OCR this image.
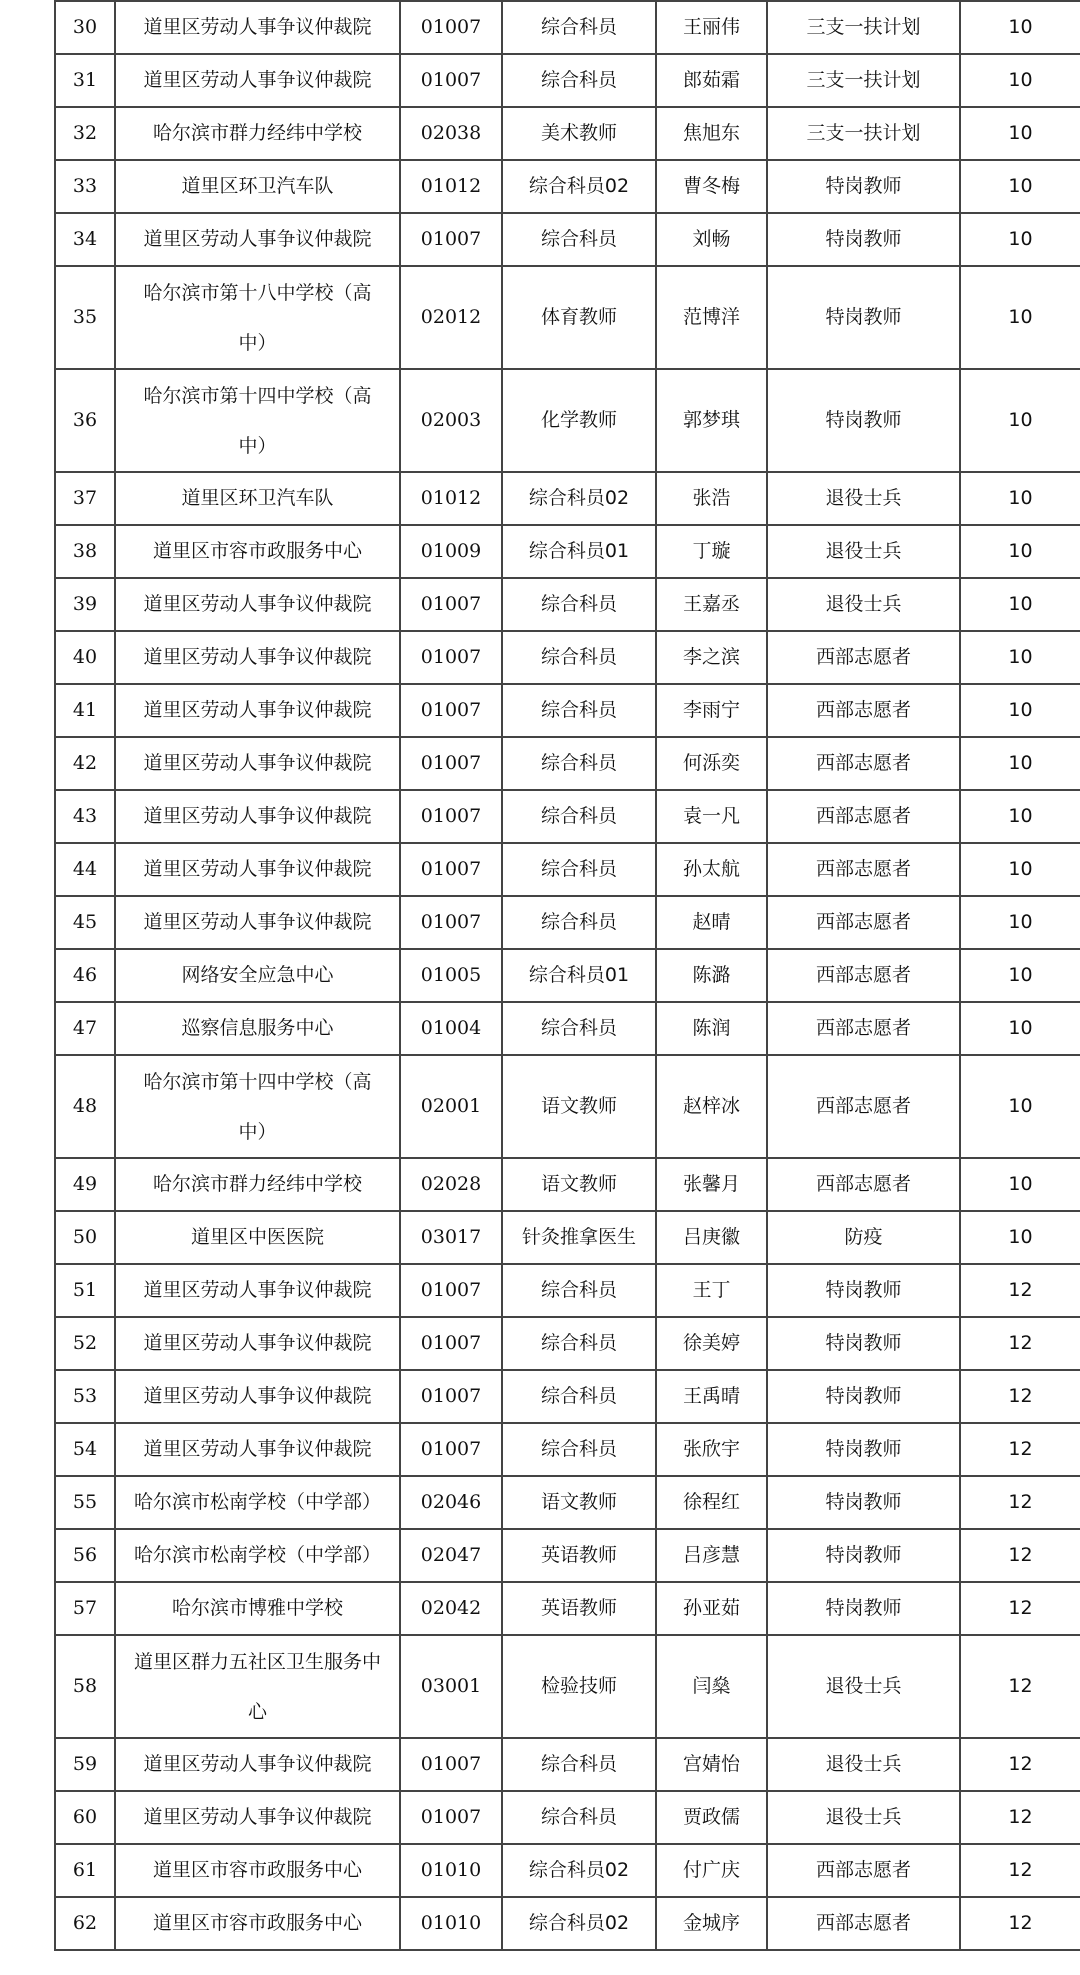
30	道里区劳动人事争议仲裁院	01007	综合科员	王丽伟	三支一扶计划	10
31	道里区劳动人事争议仲裁院	01007	综合科员	郎茹霜	三支一扶计划	10
32	哈尔滨市群力经纬中学校	02038	美术教师	焦旭东	三支一扶计划	10
33	道里区环卫汽车队	01012	综合科员02	曹冬梅	特岗教师	10
34	道里区劳动人事争议仲裁院	01007	综合科员	刘畅	特岗教师	10
35	哈尔滨市第十八中学校（高中）	02012	体育教师	范博洋	特岗教师	10
36	哈尔滨市第十四中学校（高中）	02003	化学教师	郭梦琪	特岗教师	10
37	道里区环卫汽车队	01012	综合科员02	张浩	退役士兵	10
38	道里区市容市政服务中心	01009	综合科员01	丁璇	退役士兵	10
39	道里区劳动人事争议仲裁院	01007	综合科员	王嘉丞	退役士兵	10
40	道里区劳动人事争议仲裁院	01007	综合科员	李之滨	西部志愿者	10
41	道里区劳动人事争议仲裁院	01007	综合科员	李雨宁	西部志愿者	10
42	道里区劳动人事争议仲裁院	01007	综合科员	何泺奕	西部志愿者	10
43	道里区劳动人事争议仲裁院	01007	综合科员	袁一凡	西部志愿者	10
44	道里区劳动人事争议仲裁院	01007	综合科员	孙太航	西部志愿者	10
45	道里区劳动人事争议仲裁院	01007	综合科员	赵晴	西部志愿者	10
46	网络安全应急中心	01005	综合科员01	陈潞	西部志愿者	10
47	巡察信息服务中心	01004	综合科员	陈润	西部志愿者	10
48	哈尔滨市第十四中学校（高中）	02001	语文教师	赵梓冰	西部志愿者	10
49	哈尔滨市群力经纬中学校	02028	语文教师	张馨月	西部志愿者	10
50	道里区中医医院	03017	针灸推拿医生	吕庚徽	防疫	10
51	道里区劳动人事争议仲裁院	01007	综合科员	王丁	特岗教师	12
52	道里区劳动人事争议仲裁院	01007	综合科员	徐美婷	特岗教师	12
53	道里区劳动人事争议仲裁院	01007	综合科员	王禹晴	特岗教师	12
54	道里区劳动人事争议仲裁院	01007	综合科员	张欣宇	特岗教师	12
55	哈尔滨市松南学校（中学部）	02046	语文教师	徐程红	特岗教师	12
56	哈尔滨市松南学校（中学部）	02047	英语教师	吕彦慧	特岗教师	12
57	哈尔滨市博雅中学校	02042	英语教师	孙亚茹	特岗教师	12
58	道里区群力五社区卫生服务中心	03001	检验技师	闫燊	退役士兵	12
59	道里区劳动人事争议仲裁院	01007	综合科员	宫婧怡	退役士兵	12
60	道里区劳动人事争议仲裁院	01007	综合科员	贾政儒	退役士兵	12
61	道里区市容市政服务中心	01010	综合科员02	付广庆	西部志愿者	12
62	道里区市容市政服务中心	01010	综合科员02	金城序	西部志愿者	12
